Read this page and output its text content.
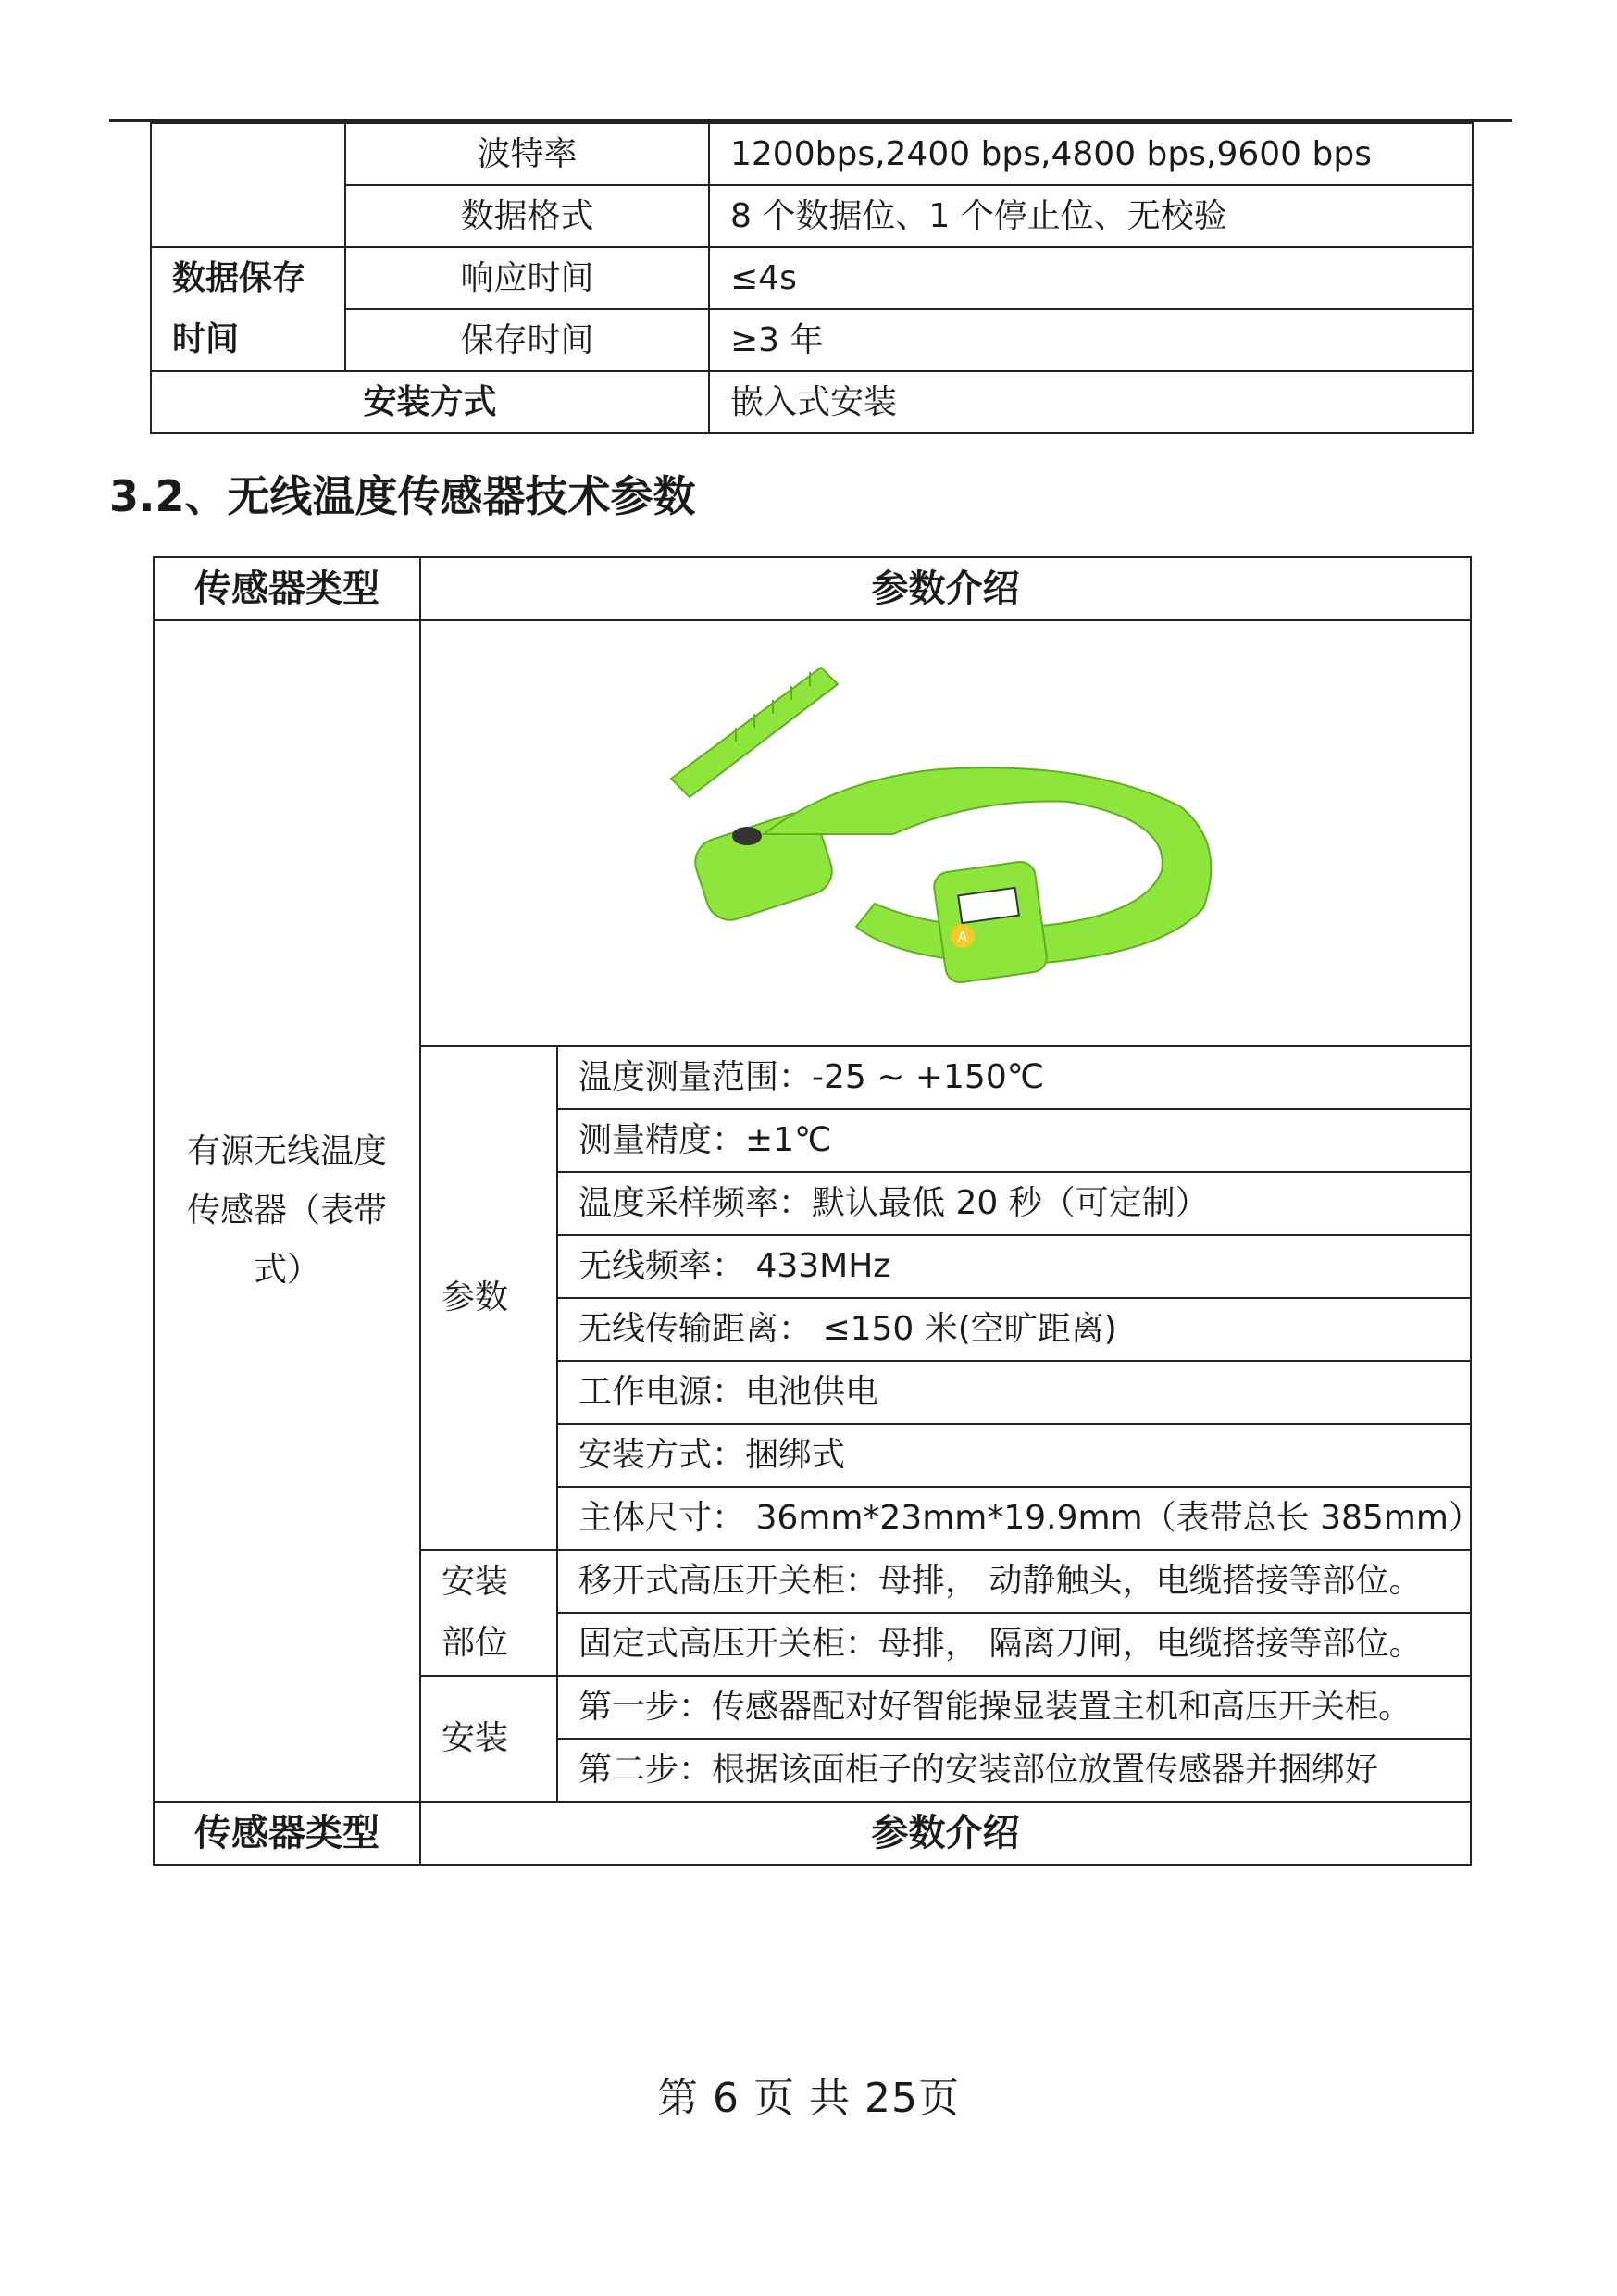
	波特率	1200bps,2400 bps,4800 bps,9600 bps
	数据格式	8 个数据位、1 个停止位、无校验

数据保存
时间	响应时间	≤4s
	保存时间	≥3 年
安装方式		嵌入式安装
3.2、无线温度传感器技术参数
传感器类型	参数介绍	

有源无线温度
传感器（表带
式）	A	

	参数	温度测量范围：-25 ~ +150℃
		测量精度：±1℃
		温度采样频率：默认最低 20 秒（可定制）
		无线频率： 433MHz
		无线传输距离： ≤150 米(空旷距离)
		工作电源：电池供电
		安装方式：捆绑式
		主体尺寸： 36mm*23mm*19.9mm（表带总长 385mm）

	安装
部位	移开式高压开关柜：母排， 动静触头，电缆搭接等部位。
		固定式高压开关柜：母排， 隔离刀闸，电缆搭接等部位。
	安装	第一步：传感器配对好智能操显装置主机和高压开关柜。
		第二步：根据该面柜子的安装部位放置传感器并捆绑好
传感器类型	参数介绍	
第 6 页 共 25页
